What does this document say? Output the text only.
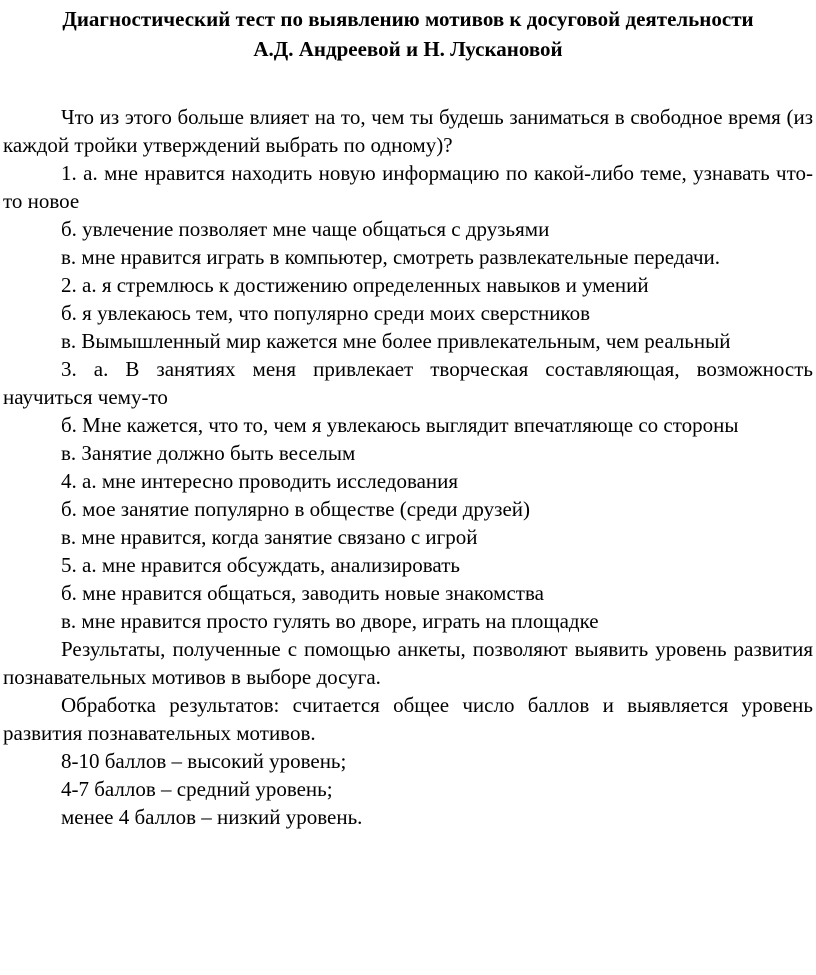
Диагностический тест по выявлению мотивов к досуговой деятельности

А.Д. Андреевой и Н. Лускановой

Что из этого больше влияет на то, чем ты будешь заниматься в свободное время (из каждой тройки утверждений выбрать по одному)?

1. а. мне нравится находить новую информацию по какой-либо теме, узнавать что-то новое

б. увлечение позволяет мне чаще общаться с друзьями

в. мне нравится играть в компьютер, смотреть развлекательные передачи.

2. а. я стремлюсь к достижению определенных навыков и умений

б. я увлекаюсь тем, что популярно среди моих сверстников

в. Вымышленный мир кажется мне более привлекательным, чем реальный

3. а. В занятиях меня привлекает творческая составляющая, возможность научиться чему-то

б. Мне кажется, что то, чем я увлекаюсь выглядит впечатляюще со стороны

в. Занятие должно быть веселым

4. а. мне интересно проводить исследования

б. мое занятие популярно в обществе (среди друзей)

в. мне нравится, когда занятие связано с игрой

5. а. мне нравится обсуждать, анализировать

б. мне нравится общаться, заводить новые знакомства

в. мне нравится просто гулять во дворе, играть на площадке

Результаты, полученные с помощью анкеты, позволяют выявить уровень развития познавательных мотивов в выборе досуга.

Обработка результатов: считается общее число баллов и выявляется уровень развития познавательных мотивов.

8-10 баллов – высокий уровень;

4-7 баллов – средний уровень;

менее 4 баллов – низкий уровень.
